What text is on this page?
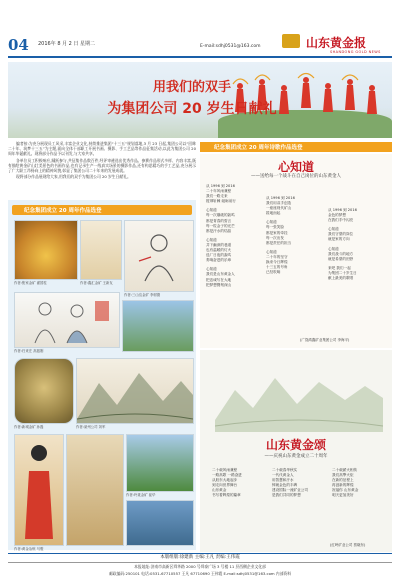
04 2016年 8 月 2 日 星期二	E-mail:sdhj0531@163.com	山东黄金报
SHANDONG GOLD NEWS
用我们的双手
为集团公司 20 岁生日献礼

编者按:为充分展现员工风采,丰富企业文化,持续推进集团“十三五”规划落地,3 月 23 日起,集团公司以“回眸二十年、筑梦十三五”为主题,面向全体干部职工开展书画、摄影、手工艺品等作品征集活动,以此为集团公司 20 周年华诞献礼。现将部分作品予以刊发,与大家共享。

各单位员工积极响应,踊跃参与,共征集作品数百件,经评审遴选出优秀作品。参赛作品形式多样、内容丰富,既有描绘黄金矿山壮美景色的书画作品,也有记录生产一线真实场景的摄影作品,还有构思精巧的手工艺品,充分展示了广大职工昂扬向上的精神风貌,彰显了集团公司二十年来的发展成就。

现将部分作品展现给大家,用我们的双手为集团公司 20 岁生日献礼。

纪念集团成立 20 周年作品选登
作者:焦家金矿 翟国柱	作者:鑫汇金矿 王新友
作者:三山岛金矿 李树德
作者:归来庄 高振刚
作者:新城金矿 孙磊	作者:莱州公司 刘军
作者:黄金冶炼 马骏
作者:玲珑金矿 崔华
纪念集团成立 20 周年诗歌作品选登
心知道
——送给每一个战斗在自己岗位的山东黄金人
从 1996 到 2016
二十年风雨兼程
我们一路走来
披荆斩棘 砥砺前行
心知道
每一次爆破的轰鸣
都是青春的誓言
每一粒金子的光芒
都是汗水的结晶
心知道
井下幽深的巷道
也有温暖的灯火
选厂日夜的轰鸣
奏响奋进的乐章
心知道
我们是山东黄金人
把忠诚写在大地
把梦想镌刻深山
从 1996 到 2016
我们用双手创造
一座座现代矿山
拔地而起
心知道
每一张笑脸
都是家的牵挂
每一次出发
都是责任的担当
心知道
二十年的坚守
换来今日辉煌
十三五的号角
已经吹响
从 1996 到 2016
金色的梦想
在我们手中闪亮
心知道
我们守望的岗位
就是家的方向
心知道
我们战斗的地方
就是希望的田野
来吧 我们一起
为集团二十岁生日
献上最美的歌唱
(广饶鸿鑫矿业集团公司 李海平)
山东黄金颂
——庆祝山东黄金成立二十周年
二十载风雨兼程
一路高歌 一路奋进
从胶东大地起步
到走向世界舞台
山东黄金
书写着辉煌的篇章
二十载春华秋实
一代代黄金人
用智慧和汗水
铸就金色的丰碑
建设国际一流矿业公司
是我们共同的梦想
二十载薪火相传
我们高擎火炬
在新的征程上
再创新的辉煌
祝福你 山东黄金
明天更加美好
(红岭矿业公司 蔡晓东)
本版组版:徐建新 主编:王凡 责编:王伟霞
本报地址:济南市高新区舜华路 2000 号舜泰广场 3 号楼 11 层西侧企业文化部
邮政编码:250101 电话:0531-67710557 王凡 67710690 王伟霞 E-mail:sdhj0531@163.com 内部资料
